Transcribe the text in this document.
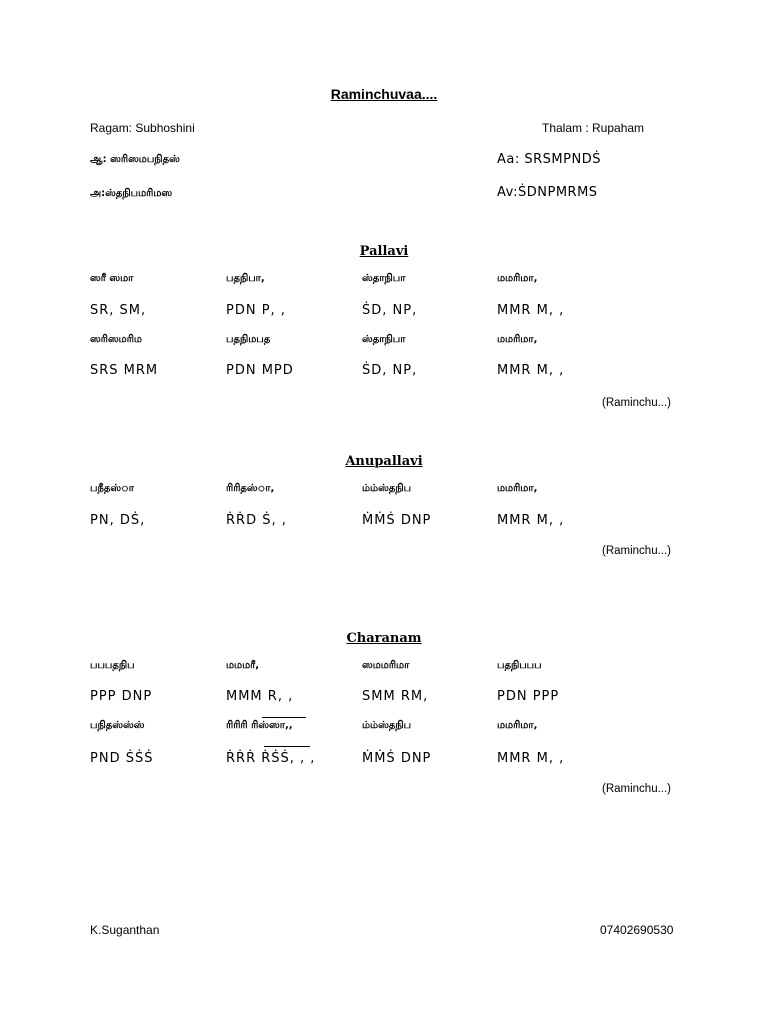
Raminchuvaa....
Ragam: Subhoshini	Thalam : Rupaham
ஆ: ஸரிஸமபநிதஸ்	Aa: SRSMPNDṠ
அ:ஸ்தநிபமரிமஸ	Av:ṠDNPMRMS
Pallavi
ஸரீ ஸமா	பதநிபா,	ஸ்தாநிபா	மமரிமா,
SR, SM,	PDN P, ,	ṠD, NP,	MMR M, ,
ஸரிஸமரிம	பதநிமபத	ஸ்தாநிபா	மமரிமா,
SRS MRM	PDN MPD	ṠD, NP,	MMR M, ,
(Raminchu...)
Anupallavi
பநீதஸ்ா	ரிரிதஸ்ா,	ம்ம்ஸ்தநிப	மமரிமா,
PN, DṠ,	ṘṘD Ṡ, ,	ṀṀṠ DNP	MMR M, ,
(Raminchu...)
Charanam
பபபதநிப	மமமரீ,	ஸமமரிமா	பதநிபபப
PPP DNP	MMM R, ,	SMM RM,	PDN PPP
பநிதஸ்ஸ்ஸ்	ரிரிரி ரிஸ்ஸா,,	ம்ம்ஸ்தநிப	மமரிமா,
PND ṠṠṠ	ṘṘṘ ṘṠṠ, , ,	ṀṀṠ DNP	MMR M, ,
(Raminchu...)
K.Suganthan	07402690530
